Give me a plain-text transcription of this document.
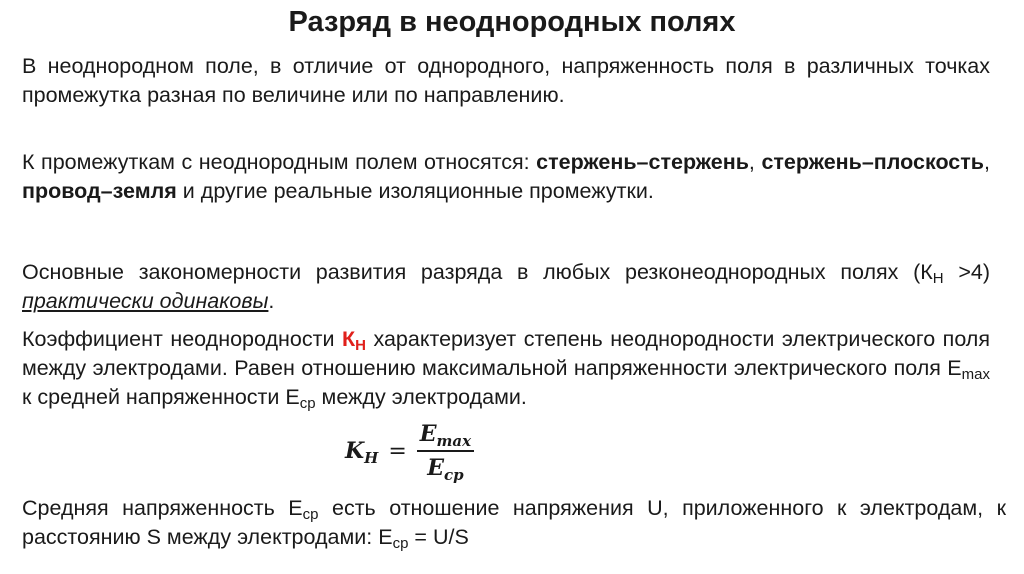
Разряд в неоднородных полях
В неоднородном поле, в отличие от однородного, напряженность поля в различных точках промежутка разная по величине или по направлению.
К промежуткам с неоднородным полем относятся: стержень–стержень, стержень–плоскость, провод–земля и другие реальные изоляционные промежутки.
Основные закономерности развития разряда в любых резконеоднородных полях $(К_Н >4)$ практически одинаковы.
Коэффициент неоднородности $К_Н$ характеризует степень неоднородности электрического поля между электродами. Равен отношению максимальной напряженности электрического поля $Е_{max}$ к средней напряженности $Е_{ср}$ между электродами.
$K_H = \frac{E_{max}}{E_{cp}}$
Средняя напряженность $Е_{ср}$ есть отношение напряжения U, приложенного к электродам, к расстоянию S между электродами: $Е_{ср} = U/S$
